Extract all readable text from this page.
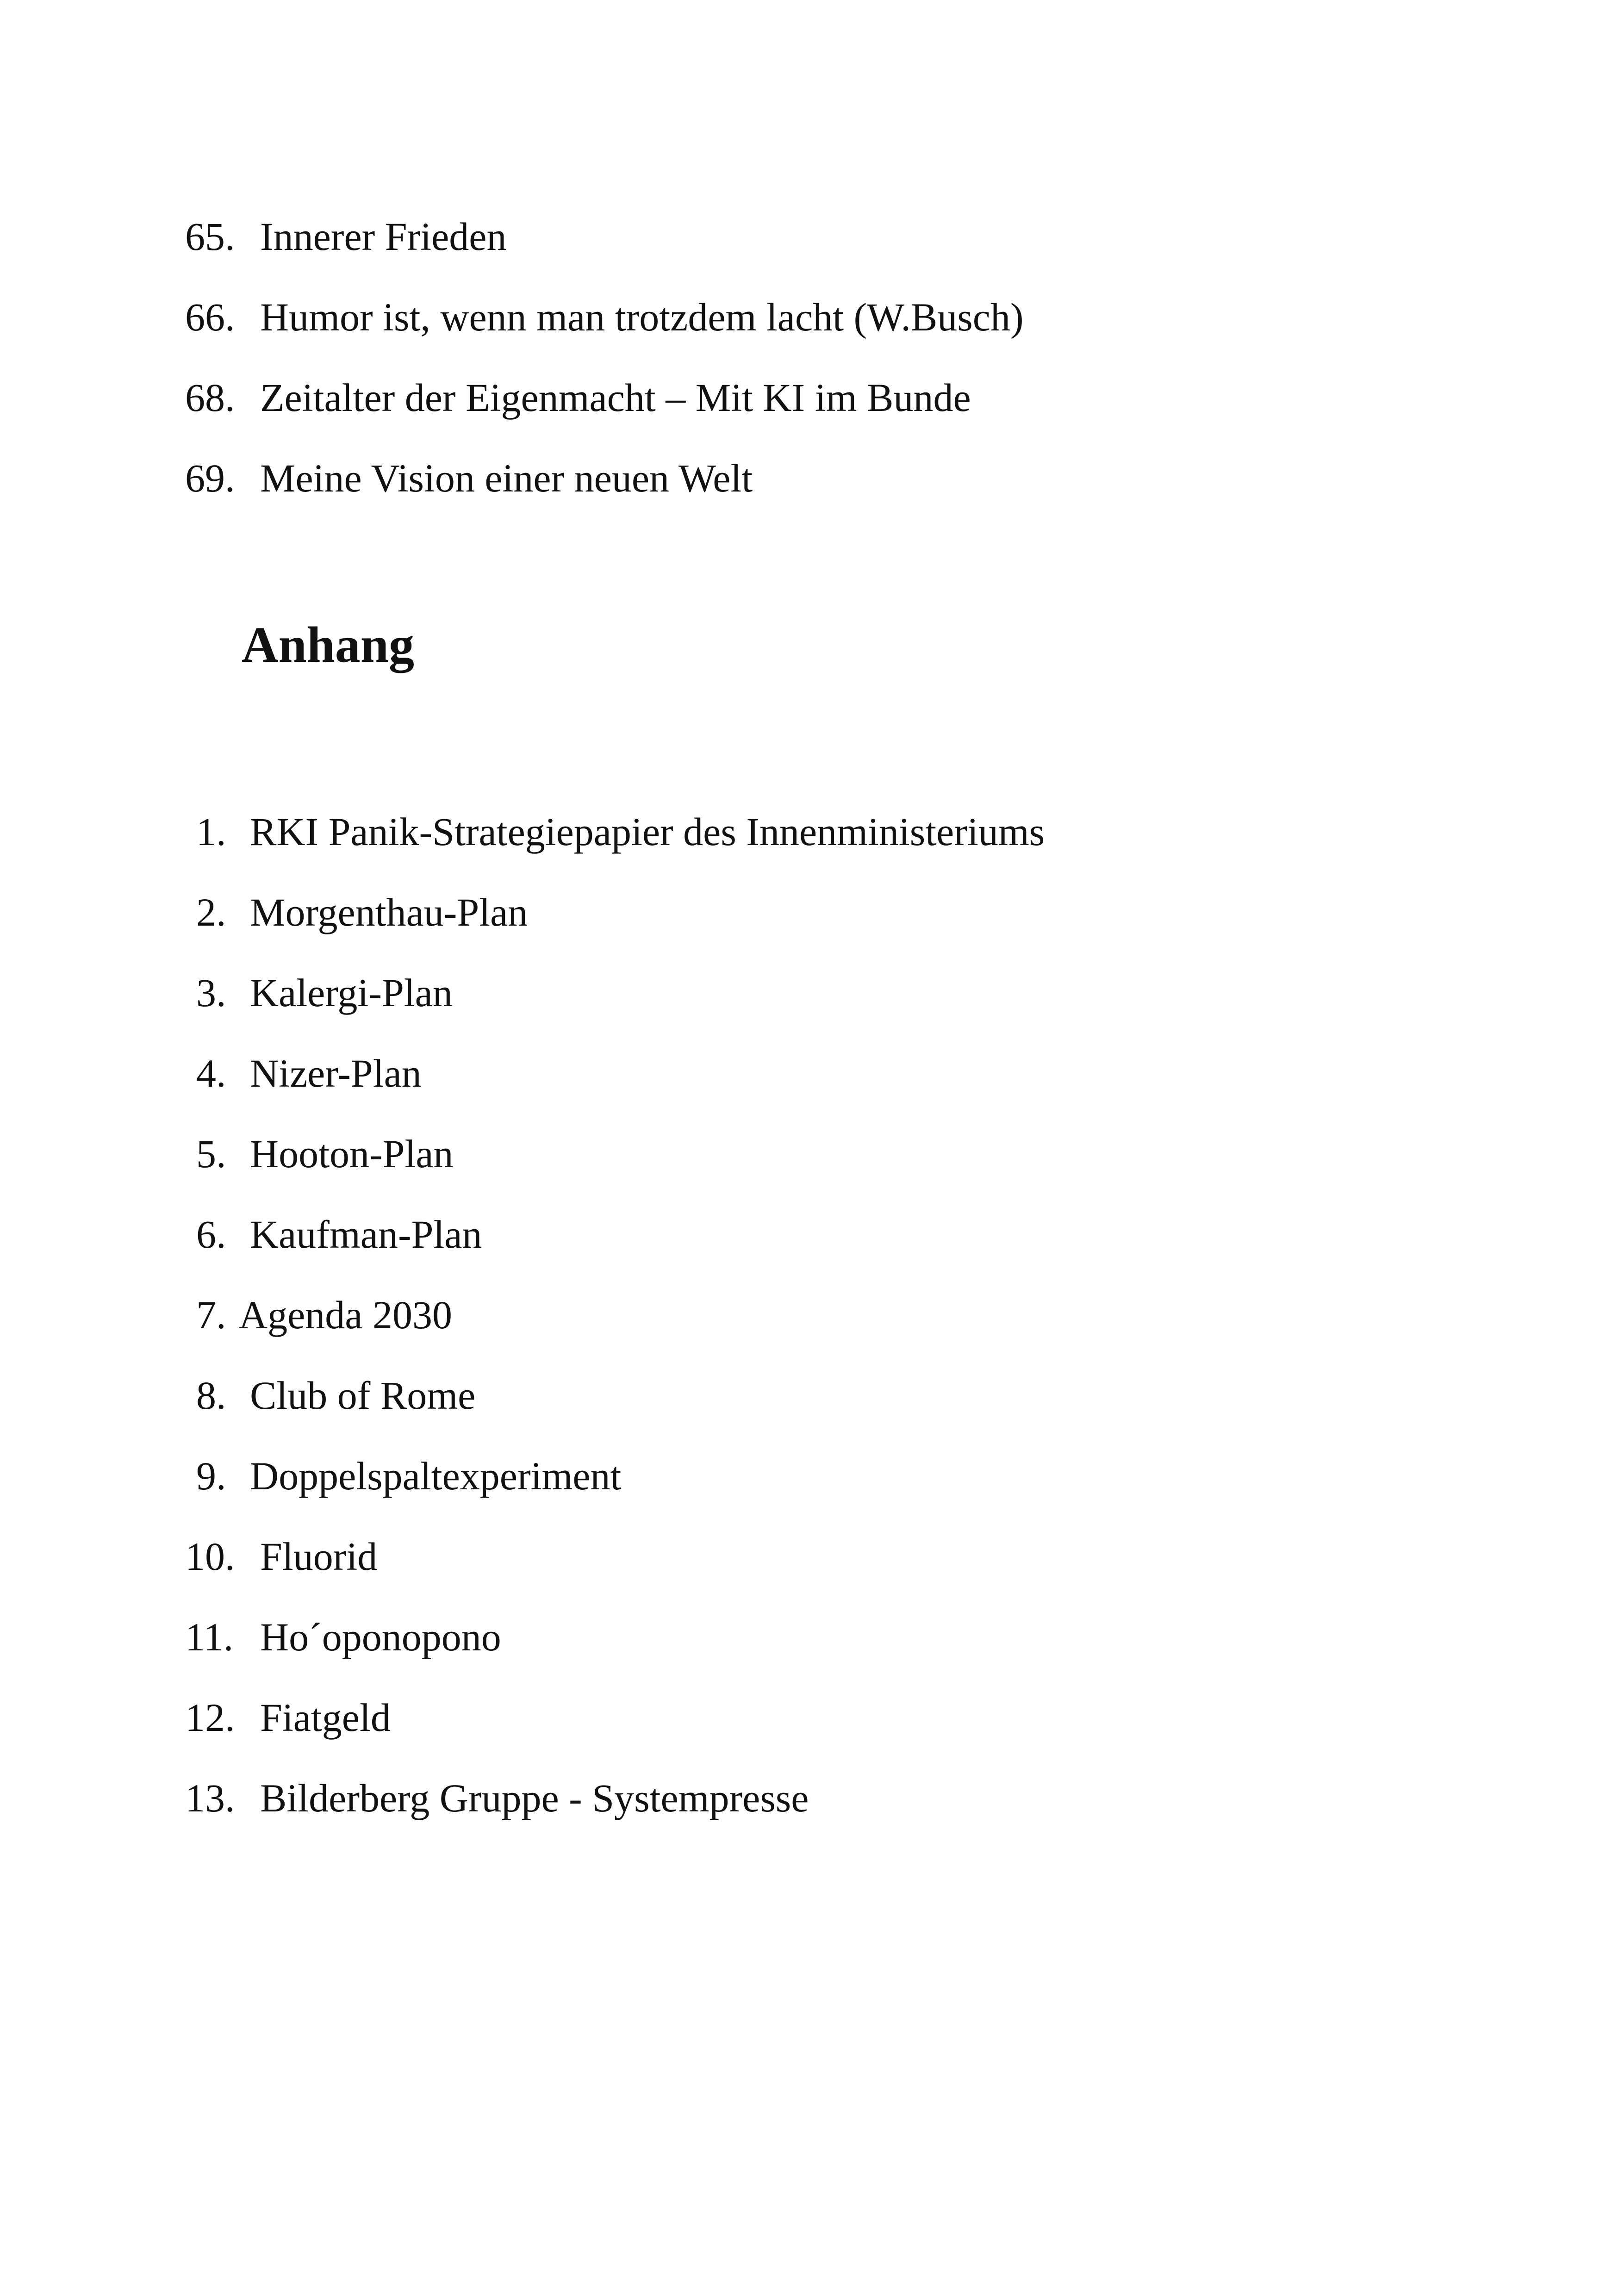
65. Innerer Frieden
66. Humor ist, wenn man trotzdem lacht (W.Busch)
68. Zeitalter der Eigenmacht – Mit KI im Bunde
69. Meine Vision einer neuen Welt
Anhang
1. RKI Panik-Strategiepapier des Innenministeriums
2. Morgenthau-Plan
3. Kalergi-Plan
4. Nizer-Plan
5. Hooton-Plan
6. Kaufman-Plan
7. Agenda 2030
8. Club of Rome
9. Doppelspaltexperiment
10. Fluorid
11. Ho´oponopono
12. Fiatgeld
13. Bilderberg Gruppe - Systempresse
